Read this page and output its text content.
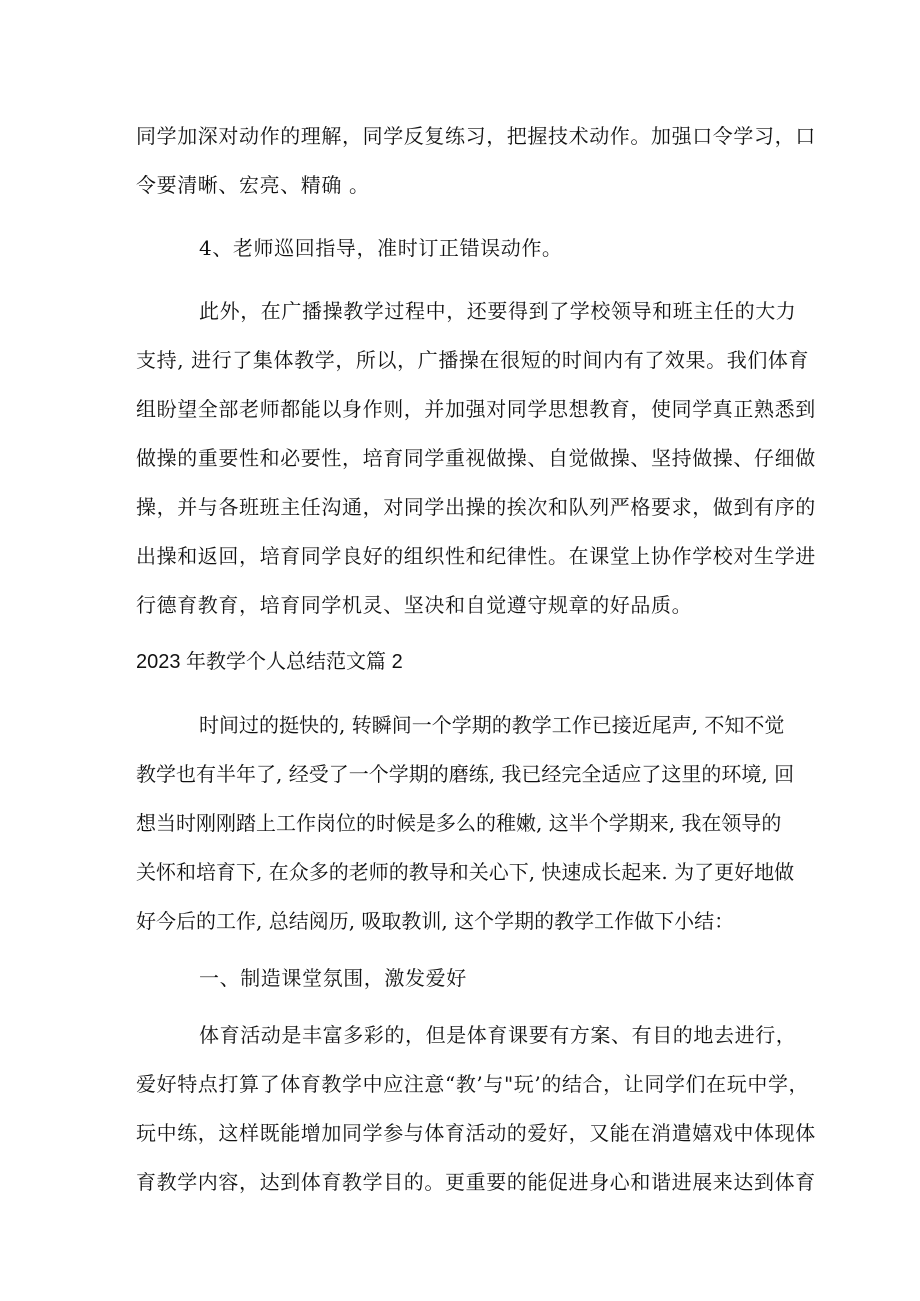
同学加深对动作的理解，同学反复练习，把握技术动作。加强口令学习，口
令要清晰、宏亮、精确 。
4、老师巡回指导，准时订正错误动作。
此外，在广播操教学过程中，还要得到了学校领导和班主任的大力
支持, 进行了集体教学，所以，广播操在很短的时间内有了效果。我们体育
组盼望全部老师都能以身作则，并加强对同学思想教育，使同学真正熟悉到
做操的重要性和必要性，培育同学重视做操、自觉做操、坚持做操、仔细做
操，并与各班班主任沟通，对同学出操的挨次和队列严格要求，做到有序的
出操和返回，培育同学良好的组织性和纪律性。在课堂上协作学校对生学进
行德育教育，培育同学机灵、坚决和自觉遵守规章的好品质。
2023 年教学个人总结范文篇 2
时间过的挺快的, 转瞬间一个学期的教学工作已接近尾声, 不知不觉
教学也有半年了, 经受了一个学期的磨练, 我已经完全适应了这里的环境, 回
想当时刚刚踏上工作岗位的时候是多么的稚嫩, 这半个学期来, 我在领导的
关怀和培育下, 在众多的老师的教导和关心下, 快速成长起来. 为了更好地做
好今后的工作, 总结阅历, 吸取教训, 这个学期的教学工作做下小结：
一、制造课堂氛围，激发爱好
体育活动是丰富多彩的，但是体育课要有方案、有目的地去进行，
爱好特点打算了体育教学中应注意“教’与"玩’的结合，让同学们在玩中学，
玩中练，这样既能增加同学参与体育活动的爱好，又能在消遣嬉戏中体现体
育教学内容，达到体育教学目的。更重要的能促进身心和谐进展来达到体育
